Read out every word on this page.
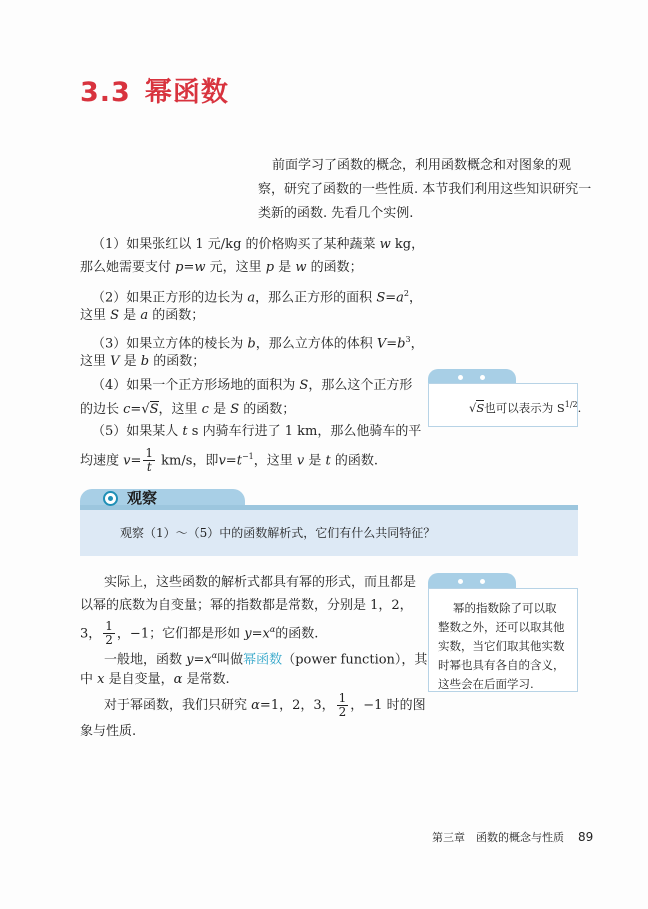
3.3 幂函数
前面学习了函数的概念，利用函数概念和对图象的观
察，研究了函数的一些性质. 本节我们利用这些知识研究一
类新的函数. 先看几个实例.
（1）如果张红以 1 元/kg 的价格购买了某种蔬菜 w kg，
那么她需要支付 p=w 元，这里 p 是 w 的函数；
（2）如果正方形的边长为 a，那么正方形的面积 $S=a^2$，
这里 S 是 a 的函数；
（3）如果立方体的棱长为 b，那么立方体的体积 $V=b^3$，
这里 V 是 b 的函数；
（4）如果一个正方形场地的面积为 S，那么这个正方形
的边长 c=√S，这里 c 是 S 的函数；
（5）如果某人 t s 内骑车行进了 1 km，那么他骑车的平
均速度 $v= \frac{1}{t} km/s$，即$v=t^{-1}$，这里 v 是 t 的函数.
√S也可以表示为 $S^{1/2}$.
观察
观察（1）～（5）中的函数解析式，它们有什么共同特征？
实际上，这些函数的解析式都具有幂的形式，而且都是
以幂的底数为自变量；幂的指数都是常数，分别是 1，2，
3， $\frac{1}{2}$ ，−1；它们都是形如 $y=x^\alpha$的函数.
一般地，函数 $y=x^\alpha$叫做幂函数（power function），其
中 x 是自变量，α 是常数.
对于幂函数，我们只研究 α=1，2，3， $\frac{1}{2}$ ，−1 时的图
象与性质.
幂的指数除了可以取
整数之外，还可以取其他
实数，当它们取其他实数
时幂也具有各自的含义，
这些会在后面学习.
第三章　函数的概念与性质 89
